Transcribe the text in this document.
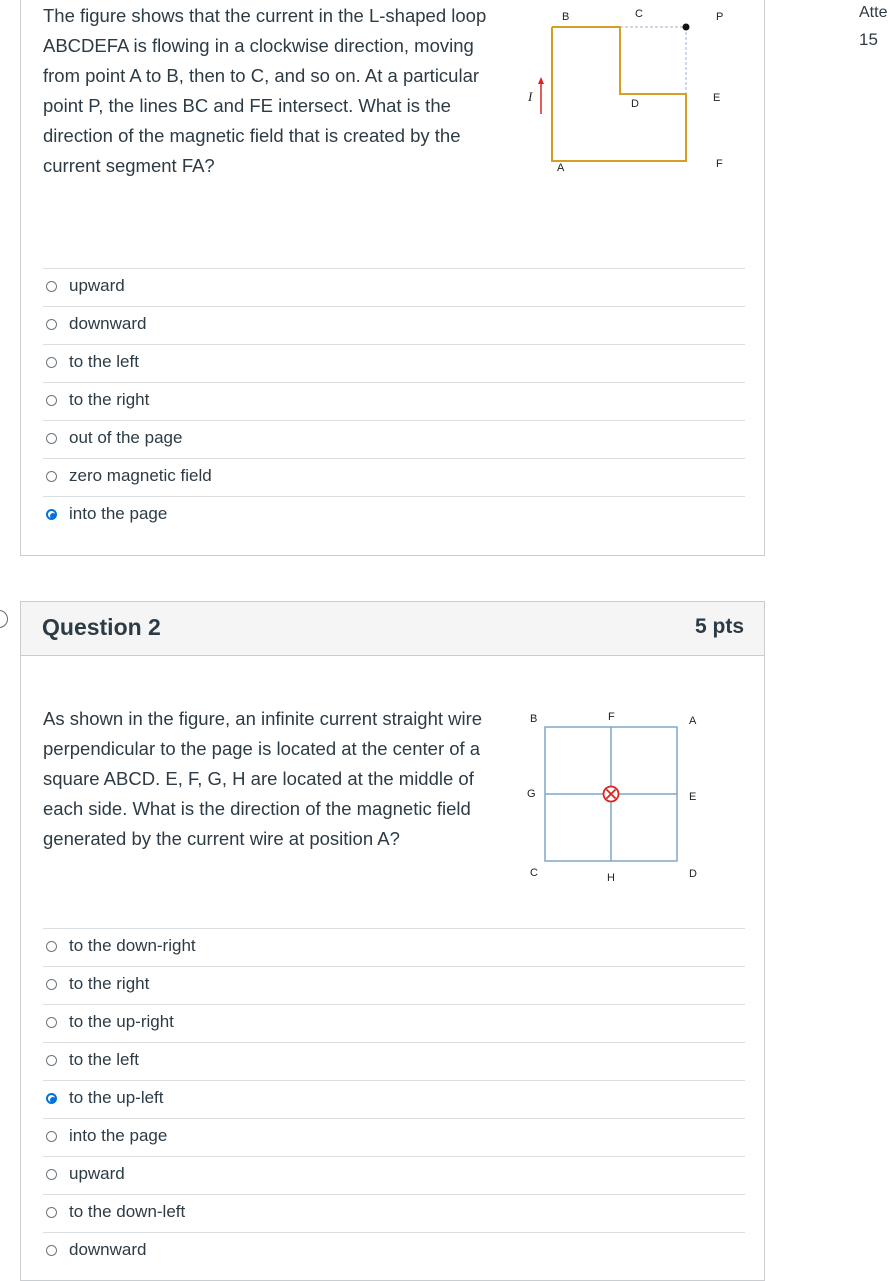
The figure shows that the current in the L-shaped loop ABCDEFA is flowing in a clockwise direction, moving from point A to B, then to C, and so on. At a particular point P, the lines BC and FE intersect. What is the direction of the magnetic field that is created by the current segment FA?
I
B	C	P
D	E
A	F
upward
downward
to the left
to the right
out of the page
zero magnetic field
into the page
Question 2	5 pts
As shown in the figure, an infinite current straight wire perpendicular to the page is located at the center of a square ABCD. E, F, G, H are located at the middle of each side. What is the direction of the magnetic field generated by the current wire at position A?
B	F	A
G	E
C	H	D
to the down-right
to the right
to the up-right
to the left
to the up-left
into the page
upward
to the down-left
downward
Atte
15
